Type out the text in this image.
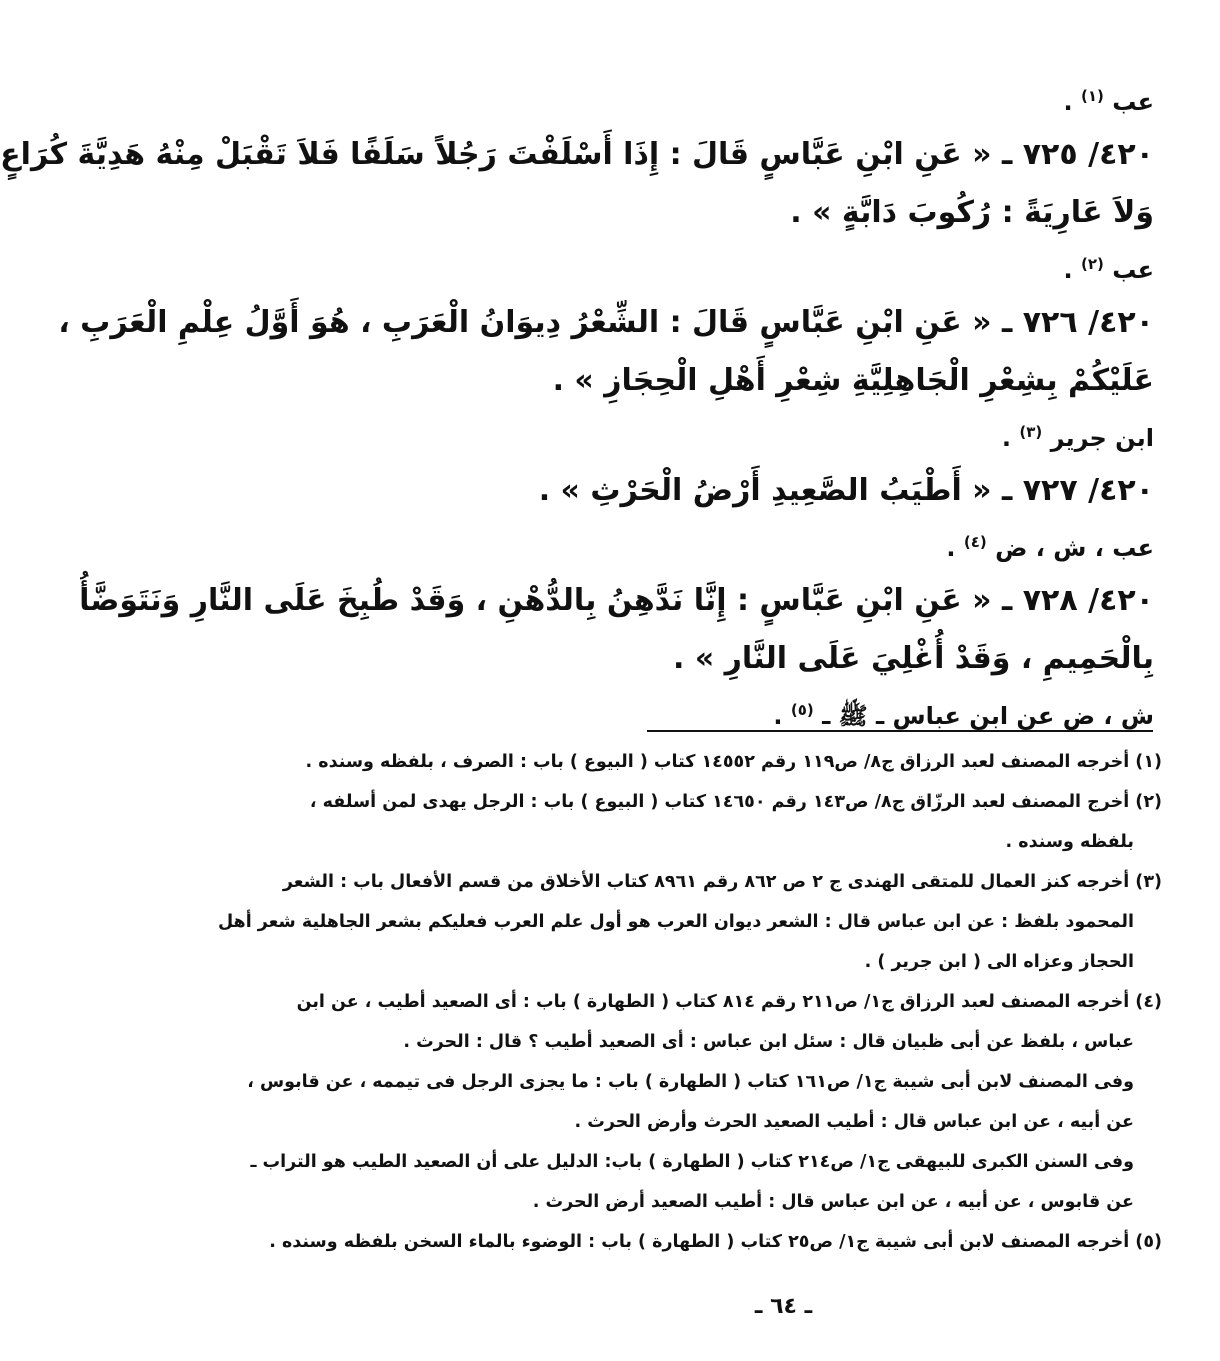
عب $^{(١)}$ .
٤٢٠/ ٧٢٥ ـ « عَنِ ابْنِ عَبَّاسٍ قَالَ : إِذَا أَسْلَفْتَ رَجُلاً سَلَفًا فَلاَ تَقْبَلْ مِنْهُ هَدِيَّةَ كُرَاعٍ
وَلاَ عَارِيَةً : رُكُوبَ دَابَّةٍ » .
عب $^{(٢)}$ .
٤٢٠/ ٧٢٦ ـ « عَنِ ابْنِ عَبَّاسٍ قَالَ : الشِّعْرُ دِيوَانُ الْعَرَبِ ، هُوَ أَوَّلُ عِلْمِ الْعَرَبِ ،
عَلَيْكُمْ بِشِعْرِ الْجَاهِلِيَّةِ شِعْرِ أَهْلِ الْحِجَازِ » .
ابن جرير $^{(٣)}$ .
٤٢٠/ ٧٢٧ ـ « أَطْيَبُ الصَّعِيدِ أَرْضُ الْحَرْثِ » .
عب ، ش ، ض $^{(٤)}$ .
٤٢٠/ ٧٢٨ ـ « عَنِ ابْنِ عَبَّاسٍ : إِنَّا نَدَّهِنُ بِالدُّهْنِ ، وَقَدْ طُبِخَ عَلَى النَّارِ وَنَتَوَضَّأُ
بِالْحَمِيمِ ، وَقَدْ أُغْلِيَ عَلَى النَّارِ » .
ش ، ض عن ابن عباس ـ ﷺ ـ $^{(٥)}$ .
(١) أخرجه المصنف لعبد الرزاق ج٨/ ص١١٩ رقم ١٤٥٥٢ كتاب ( البيوع ) باب : الصرف ، بلفظه وسنده .
(٢) أخرج المصنف لعبد الرزّاق ج٨/ ص١٤٣ رقم ١٤٦٥٠ كتاب ( البيوع ) باب : الرجل يهدى لمن أسلفه ،
بلفظه وسنده .
(٣) أخرجه كنز العمال للمتقى الهندى ج ٢ ص ٨٦٢ رقم ٨٩٦١ كتاب الأخلاق من قسم الأفعال باب : الشعر
المحمود بلفظ : عن ابن عباس قال : الشعر ديوان العرب هو أول علم العرب فعليكم بشعر الجاهلية شعر أهل
الحجاز وعزاه الى ( ابن جرير ) .
(٤) أخرجه المصنف لعبد الرزاق ج١/ ص٢١١ رقم ٨١٤ كتاب ( الطهارة ) باب : أى الصعيد أطيب ، عن ابن
عباس ، بلفظ عن أبى ظبيان قال : سئل ابن عباس : أى الصعيد أطيب ؟ قال : الحرث .
وفى المصنف لابن أبى شيبة ج١/ ص١٦١ كتاب ( الطهارة ) باب : ما يجزى الرجل فى تيممه ، عن قابوس ،
عن أبيه ، عن ابن عباس قال : أطيب الصعيد الحرث وأرض الحرث .
وفى السنن الكبرى للبيهقى ج١/ ص٢١٤ كتاب ( الطهارة ) باب: الدليل على أن الصعيد الطيب هو التراب ـ
عن قابوس ، عن أبيه ، عن ابن عباس قال : أطيب الصعيد أرض الحرث .
(٥) أخرجه المصنف لابن أبى شيبة ج١/ ص٢٥ كتاب ( الطهارة ) باب : الوضوء بالماء السخن بلفظه وسنده .
ـ ٦٤ ـ
